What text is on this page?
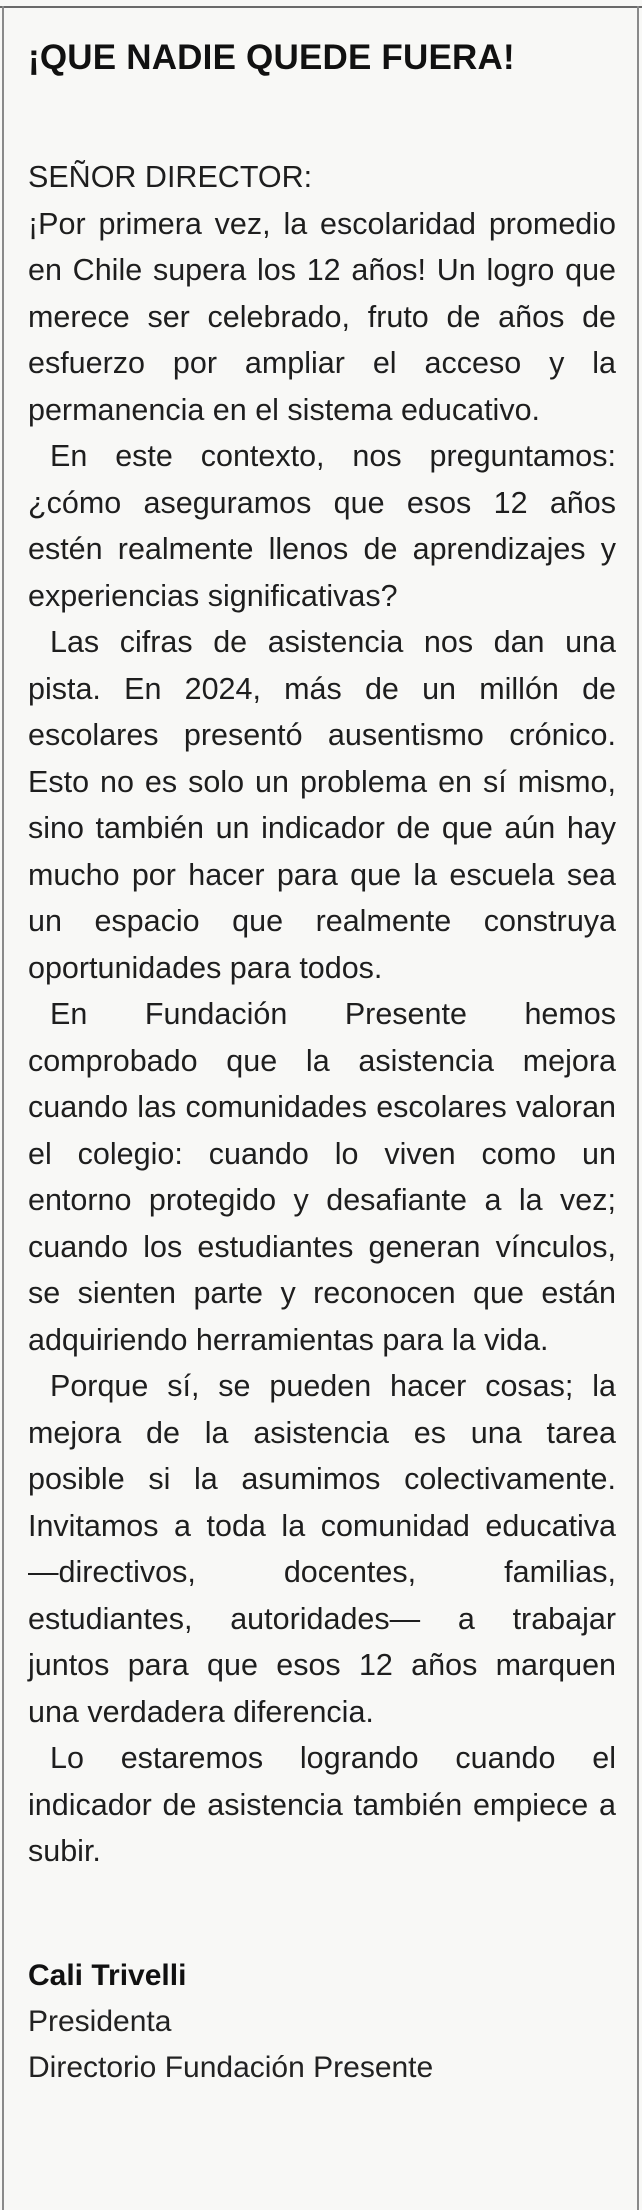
¡QUE NADIE QUEDE FUERA!

SEÑOR DIRECTOR:

¡Por primera vez, la escolaridad promedio en Chile supera los 12 años! Un logro que merece ser celebrado, fruto de años de esfuerzo por ampliar el acceso y la permanencia en el sistema educativo.

En este contexto, nos preguntamos: ¿cómo aseguramos que esos 12 años estén realmente llenos de aprendizajes y experiencias significativas?

Las cifras de asistencia nos dan una pista. En 2024, más de un millón de escolares presentó ausentismo crónico. Esto no es solo un problema en sí mismo, sino también un indicador de que aún hay mucho por hacer para que la escuela sea un espacio que realmente construya oportunidades para todos.

En Fundación Presente hemos comprobado que la asistencia mejora cuando las comunidades escolares valoran el colegio: cuando lo viven como un entorno protegido y desafiante a la vez; cuando los estudiantes generan vínculos, se sienten parte y reconocen que están adquiriendo herramientas para la vida.

Porque sí, se pueden hacer cosas; la mejora de la asistencia es una tarea posible si la asumimos colectivamente. Invitamos a toda la comunidad educativa —directivos, docentes, familias, estudiantes, autoridades— a trabajar juntos para que esos 12 años marquen una verdadera diferencia.

Lo estaremos logrando cuando el indicador de asistencia también empiece a subir.

Cali Trivelli

Presidenta

Directorio Fundación Presente
